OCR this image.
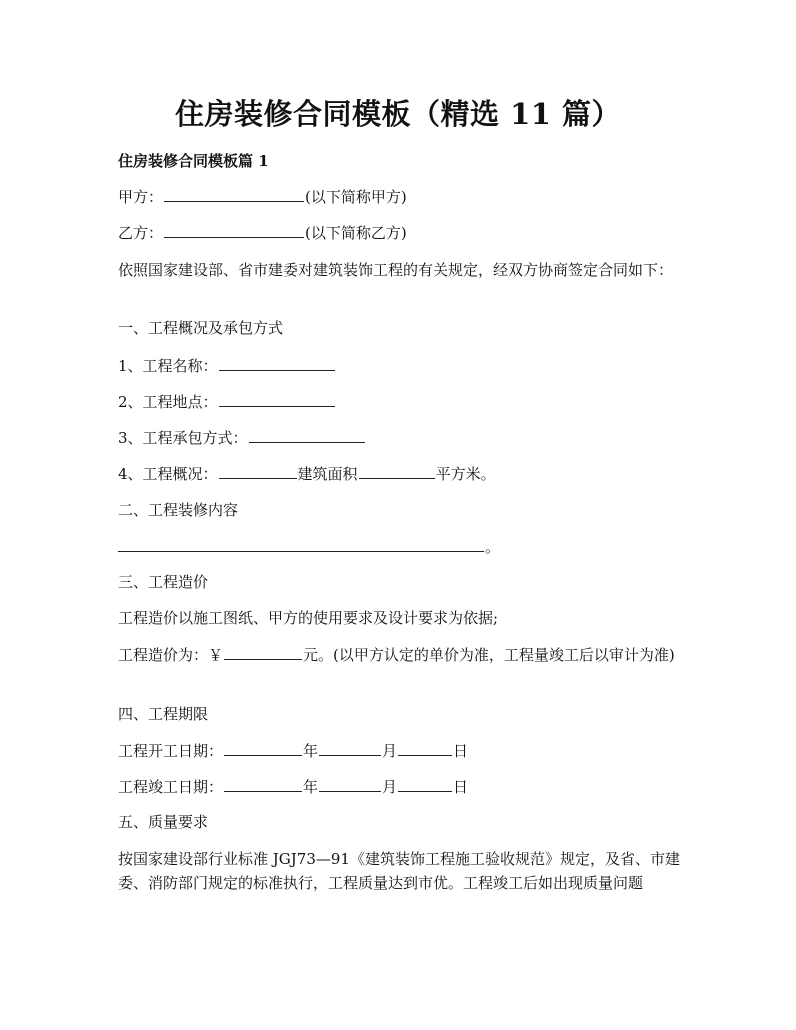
住房装修合同模板（精选 11 篇）
住房装修合同模板篇 1
甲方：	(以下简称甲方)
乙方：	(以下简称乙方)
依照国家建设部、省市建委对建筑装饰工程的有关规定，经双方协商签定合同如下：
一、工程概况及承包方式
1、工程名称：
2、工程地点：
3、工程承包方式：
4、工程概况：	建筑面积	平方米。
二、工程装修内容
。
三、工程造价
工程造价以施工图纸、甲方的使用要求及设计要求为依据;
工程造价为：￥	元。(以甲方认定的单价为准，工程量竣工后以审计为准)
四、工程期限
工程开工日期：	年	月	日
工程竣工日期：	年	月	日
五、质量要求
按国家建设部行业标准 JGJ73—91《建筑装饰工程施工验收规范》规定，及省、市建委、消防部门规定的标准执行，工程质量达到市优。工程竣工后如出现质量问题
